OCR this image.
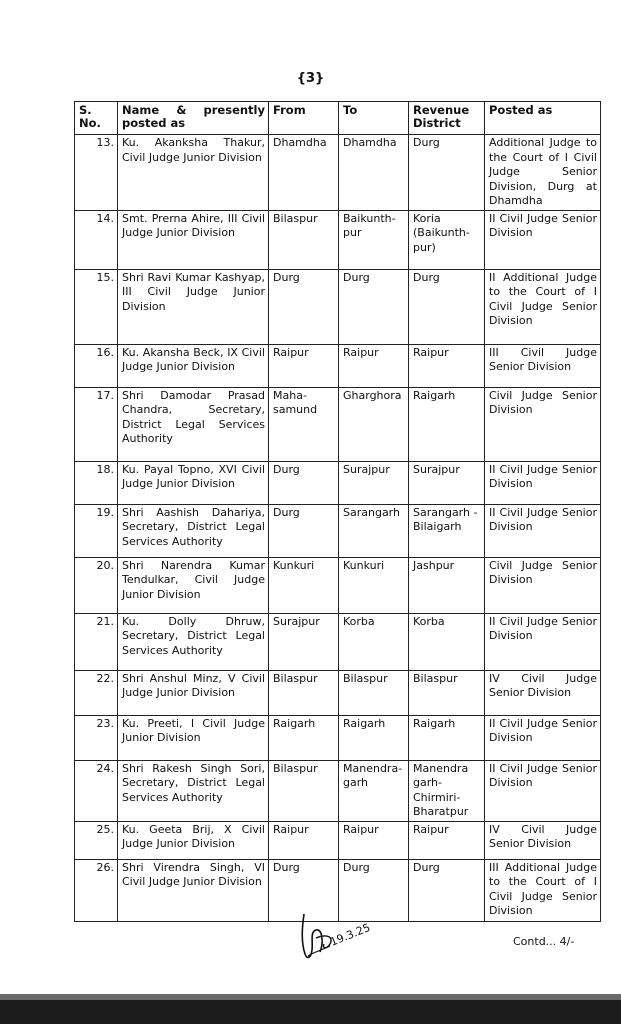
{3}
S. No.	Name & presently posted as	From	To	Revenue District	Posted as
13.	Ku. Akanksha Thakur, Civil Judge Junior Division	Dhamdha	Dhamdha	Durg	Additional Judge to the Court of I Civil Judge Senior Division, Durg at Dhamdha
14.	Smt. Prerna Ahire, III Civil Judge Junior Division	Bilaspur	Baikunth-pur	Koria (Baikunth-pur)	II Civil Judge Senior Division
15.	Shri Ravi Kumar Kashyap, III Civil Judge Junior Division	Durg	Durg	Durg	II Additional Judge to the Court of I Civil Judge Senior Division
16.	Ku. Akansha Beck, IX Civil Judge Junior Division	Raipur	Raipur	Raipur	III Civil Judge Senior Division
17.	Shri Damodar Prasad Chandra, Secretary, District Legal Services Authority	Maha-samund	Gharghora	Raigarh	Civil Judge Senior Division
18.	Ku. Payal Topno, XVI Civil Judge Junior Division	Durg	Surajpur	Surajpur	II Civil Judge Senior Division
19.	Shri Aashish Dahariya, Secretary, District Legal Services Authority	Durg	Sarangarh	Sarangarh - Bilaigarh	II Civil Judge Senior Division
20.	Shri Narendra Kumar Tendulkar, Civil Judge Junior Division	Kunkuri	Kunkuri	Jashpur	Civil Judge Senior Division
21.	Ku. Dolly Dhruw, Secretary, District Legal Services Authority	Surajpur	Korba	Korba	II Civil Judge Senior Division
22.	Shri Anshul Minz, V Civil Judge Junior Division	Bilaspur	Bilaspur	Bilaspur	IV Civil Judge Senior Division
23.	Ku. Preeti, I Civil Judge Junior Division	Raigarh	Raigarh	Raigarh	II Civil Judge Senior Division
24.	Shri Rakesh Singh Sori, Secretary, District Legal Services Authority	Bilaspur	Manendra-garh	Manendra garh-Chirmiri-Bharatpur	II Civil Judge Senior Division
25.	Ku. Geeta Brij, X Civil Judge Junior Division	Raipur	Raipur	Raipur	IV Civil Judge Senior Division
26.	Shri Virendra Singh, VI Civil Judge Junior Division	Durg	Durg	Durg	III Additional Judge to the Court of I Civil Judge Senior Division
19.3.25	Contd... 4/-
